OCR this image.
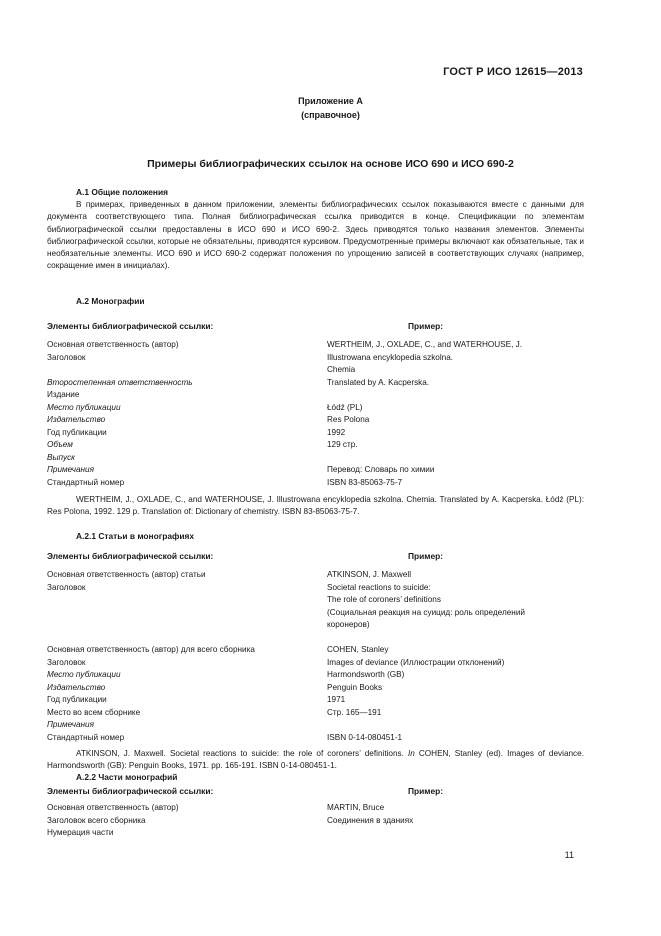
ГОСТ Р ИСО 12615—2013
Приложение А
(справочное)
Примеры библиографических ссылок на основе ИСО 690 и ИСО 690-2
А.1 Общие положения
В примерах, приведенных в данном приложении, элементы библиографических ссылок показываются вместе с данными для документа соответствующего типа. Полная библиографическая ссылка приводится в конце. Спецификации по элементам библиографической ссылки предоставлены в ИСО 690 и ИСО 690-2. Здесь приводятся только названия элементов. Элементы библиографической ссылки, которые не обязательны, приводятся курсивом. Предусмотренные примеры включают как обязательные, так и необязательные элементы. ИСО 690 и ИСО 690-2 содержат положения по упрощению записей в соответствующих случаях (например, сокращение имен в инициалах).
А.2 Монографии
Элементы библиографической ссылки:	Пример:
Основная ответственность (автор)	WERTHEIM, J., OXLADE, C., and WATERHOUSE, J.
Заголовок	Illustrowana encyklopedia szkolna.
Chemia
Второстепенная ответственность	Translated by A. Kacperska.
Издание
Место публикации	Łódź (PL)
Издательство	Res Polona
Год публикации	1992
Объем	129 стр.
Выпуск
Примечания	Перевод: Словарь по химии
Стандартный номер	ISBN 83-85063-75-7
WERTHEIM, J., OXLADE, C., and WATERHOUSE, J. Illustrowana encyklopedia szkolna. Chemia. Translated by A. Kacperska. Łódź (PL): Res Polona, 1992. 129 p. Translation of: Dictionary of chemistry. ISBN 83-85063-75-7.
А.2.1 Статьи в монографиях
Элементы библиографической ссылки:	Пример:
Основная ответственность (автор) статьи	ATKINSON, J. Maxwell
Заголовок	Societal reactions to suicide:
The role of coroners’ definitions
(Социальная реакция на суицид: роль определений
коронеров)
Основная ответственность (автор) для всего сборника	COHEN, Stanley
Заголовок	Images of deviance (Иллюстрации отклонений)
Место публикации	Harmondsworth (GB)
Издательство	Penguin Books
Год публикации	1971
Место во всем сборнике	Стр. 165—191
Примечания
Стандартный номер	ISBN 0-14-080451-1
ATKINSON, J. Maxwell. Societal reactions to suicide: the role of coroners’ definitions. In COHEN, Stanley (ed). Images of deviance. Harmondsworth (GB): Penguin Books, 1971. pp. 165-191. ISBN 0-14-080451-1.
А.2.2 Части монографий
Элементы библиографической ссылки:	Пример:
Основная ответственность (автор)	MARTIN, Bruce
Заголовок всего сборника	Соединения в зданиях
Нумерация части
11
